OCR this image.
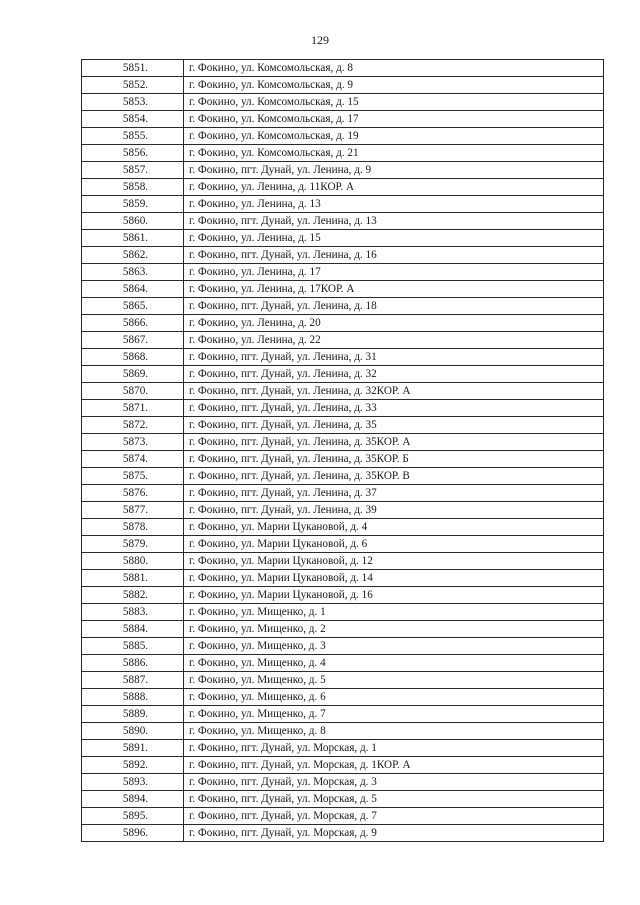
129
5851.	г. Фокино, ул. Комсомольская, д. 8
5852.	г. Фокино, ул. Комсомольская, д. 9
5853.	г. Фокино, ул. Комсомольская, д. 15
5854.	г. Фокино, ул. Комсомольская, д. 17
5855.	г. Фокино, ул. Комсомольская, д. 19
5856.	г. Фокино, ул. Комсомольская, д. 21
5857.	г. Фокино, пгт. Дунай, ул. Ленина, д. 9
5858.	г. Фокино, ул. Ленина, д. 11КОР. А
5859.	г. Фокино, ул. Ленина, д. 13
5860.	г. Фокино, пгт. Дунай, ул. Ленина, д. 13
5861.	г. Фокино, ул. Ленина, д. 15
5862.	г. Фокино, пгт. Дунай, ул. Ленина, д. 16
5863.	г. Фокино, ул. Ленина, д. 17
5864.	г. Фокино, ул. Ленина, д. 17КОР. А
5865.	г. Фокино, пгт. Дунай, ул. Ленина, д. 18
5866.	г. Фокино, ул. Ленина, д. 20
5867.	г. Фокино, ул. Ленина, д. 22
5868.	г. Фокино, пгт. Дунай, ул. Ленина, д. 31
5869.	г. Фокино, пгт. Дунай, ул. Ленина, д. 32
5870.	г. Фокино, пгт. Дунай, ул. Ленина, д. 32КОР. А
5871.	г. Фокино, пгт. Дунай, ул. Ленина, д. 33
5872.	г. Фокино, пгт. Дунай, ул. Ленина, д. 35
5873.	г. Фокино, пгт. Дунай, ул. Ленина, д. 35КОР. А
5874.	г. Фокино, пгт. Дунай, ул. Ленина, д. 35КОР. Б
5875.	г. Фокино, пгт. Дунай, ул. Ленина, д. 35КОР. В
5876.	г. Фокино, пгт. Дунай, ул. Ленина, д. 37
5877.	г. Фокино, пгт. Дунай, ул. Ленина, д. 39
5878.	г. Фокино, ул. Марии Цукановой, д. 4
5879.	г. Фокино, ул. Марии Цукановой, д. 6
5880.	г. Фокино, ул. Марии Цукановой, д. 12
5881.	г. Фокино, ул. Марии Цукановой, д. 14
5882.	г. Фокино, ул. Марии Цукановой, д. 16
5883.	г. Фокино, ул. Мищенко, д. 1
5884.	г. Фокино, ул. Мищенко, д. 2
5885.	г. Фокино, ул. Мищенко, д. 3
5886.	г. Фокино, ул. Мищенко, д. 4
5887.	г. Фокино, ул. Мищенко, д. 5
5888.	г. Фокино, ул. Мищенко, д. 6
5889.	г. Фокино, ул. Мищенко, д. 7
5890.	г. Фокино, ул. Мищенко, д. 8
5891.	г. Фокино, пгт. Дунай, ул. Морская, д. 1
5892.	г. Фокино, пгт. Дунай, ул. Морская, д. 1КОР. А
5893.	г. Фокино, пгт. Дунай, ул. Морская, д. 3
5894.	г. Фокино, пгт. Дунай, ул. Морская, д. 5
5895.	г. Фокино, пгт. Дунай, ул. Морская, д. 7
5896.	г. Фокино, пгт. Дунай, ул. Морская, д. 9
